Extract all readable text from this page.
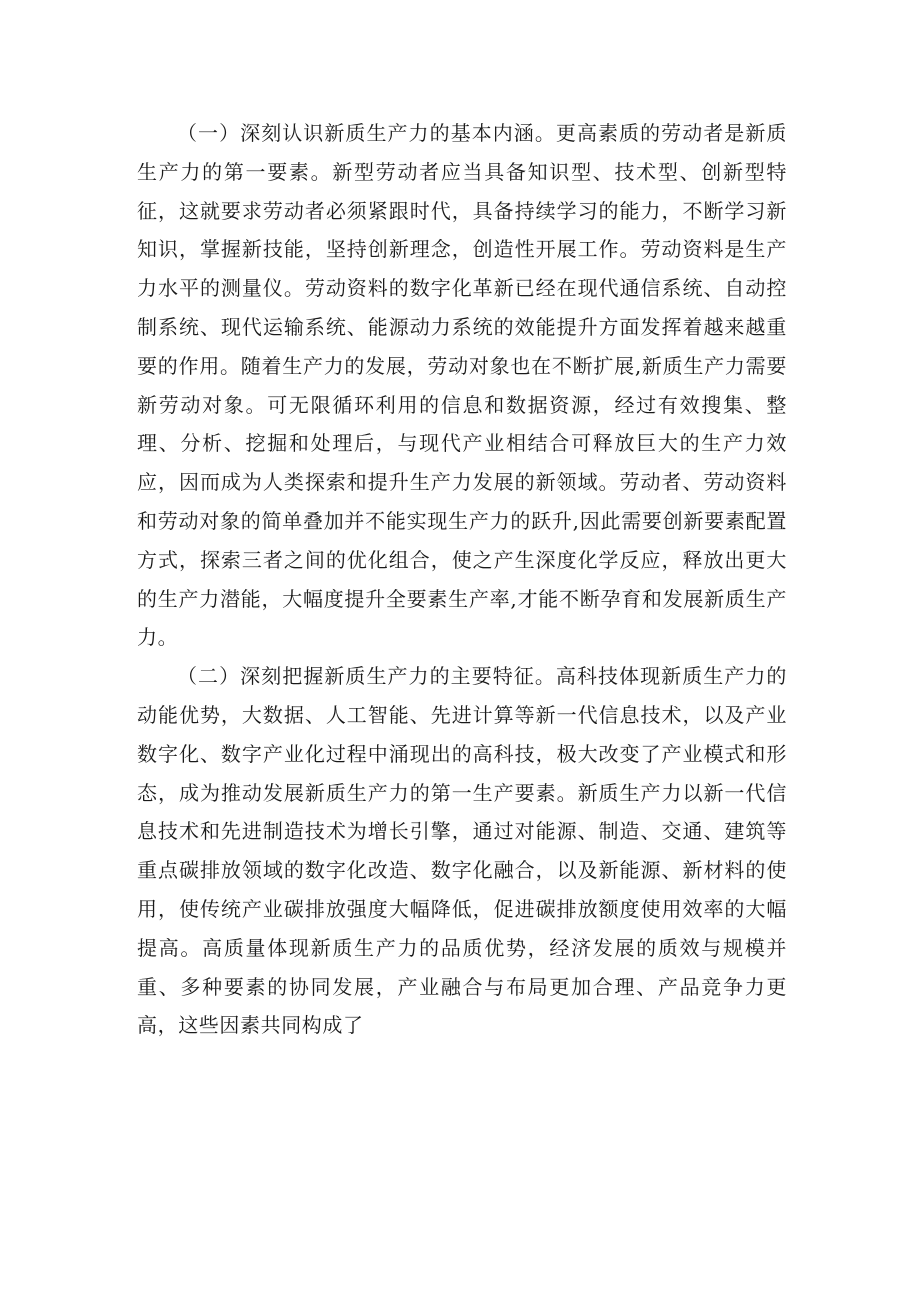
（一）深刻认识新质生产力的基本内涵。更高素质的劳动者是新质生产力的第一要素。新型劳动者应当具备知识型、技术型、创新型特征，这就要求劳动者必须紧跟时代，具备持续学习的能力，不断学习新知识，掌握新技能，坚持创新理念，创造性开展工作。劳动资料是生产力水平的测量仪。劳动资料的数字化革新已经在现代通信系统、自动控制系统、现代运输系统、能源动力系统的效能提升方面发挥着越来越重要的作用。随着生产力的发展，劳动对象也在不断扩展,新质生产力需要新劳动对象。可无限循环利用的信息和数据资源，经过有效搜集、整理、分析、挖掘和处理后，与现代产业相结合可释放巨大的生产力效应，因而成为人类探索和提升生产力发展的新领域。劳动者、劳动资料和劳动对象的简单叠加并不能实现生产力的跃升,因此需要创新要素配置方式，探索三者之间的优化组合，使之产生深度化学反应，释放出更大的生产力潜能，大幅度提升全要素生产率,才能不断孕育和发展新质生产力。

（二）深刻把握新质生产力的主要特征。高科技体现新质生产力的动能优势，大数据、人工智能、先进计算等新一代信息技术，以及产业数字化、数字产业化过程中涌现出的高科技，极大改变了产业模式和形态，成为推动发展新质生产力的第一生产要素。新质生产力以新一代信息技术和先进制造技术为增长引擎，通过对能源、制造、交通、建筑等重点碳排放领域的数字化改造、数字化融合，以及新能源、新材料的使用，使传统产业碳排放强度大幅降低，促进碳排放额度使用效率的大幅提高。高质量体现新质生产力的品质优势，经济发展的质效与规模并重、多种要素的协同发展，产业融合与布局更加合理、产品竞争力更高，这些因素共同构成了
